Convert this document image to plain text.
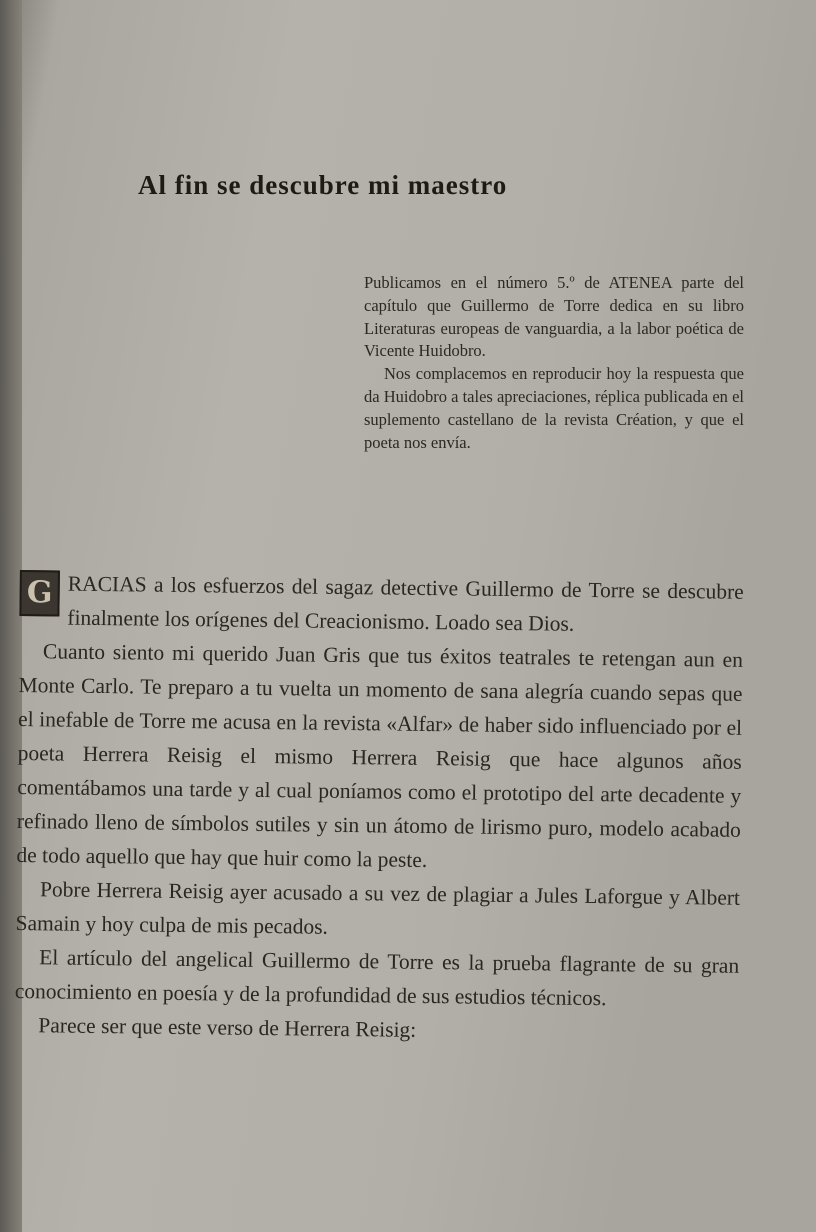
Al fin se descubre mi maestro

Publicamos en el número 5.º de ATENEA parte del capítulo que Guillermo de Torre dedica en su libro Literaturas europeas de vanguardia, a la labor poética de Vicente Huidobro.

Nos complacemos en reproducir hoy la respuesta que da Huidobro a tales apreciaciones, réplica publicada en el suplemento castellano de la revista Création, y que el poeta nos envía.

G RACIAS a los esfuerzos del sagaz detective Guillermo de Torre se descubre finalmente los orígenes del Creacionismo. Loado sea Dios.

Cuanto siento mi querido Juan Gris que tus éxitos teatrales te retengan aun en Monte Carlo. Te preparo a tu vuelta un momento de sana alegría cuando sepas que el inefable de Torre me acusa en la revista «Alfar» de haber sido influenciado por el poeta Herrera Reisig el mismo Herrera Reisig que hace algunos años comentábamos una tarde y al cual poníamos como el prototipo del arte decadente y refinado lleno de símbolos sutiles y sin un átomo de lirismo puro, modelo acabado de todo aquello que hay que huir como la peste.

Pobre Herrera Reisig ayer acusado a su vez de plagiar a Jules Laforgue y Albert Samain y hoy culpa de mis pecados.

El artículo del angelical Guillermo de Torre es la prueba flagrante de su gran conocimiento en poesía y de la profundidad de sus estudios técnicos.

Parece ser que este verso de Herrera Reisig:
